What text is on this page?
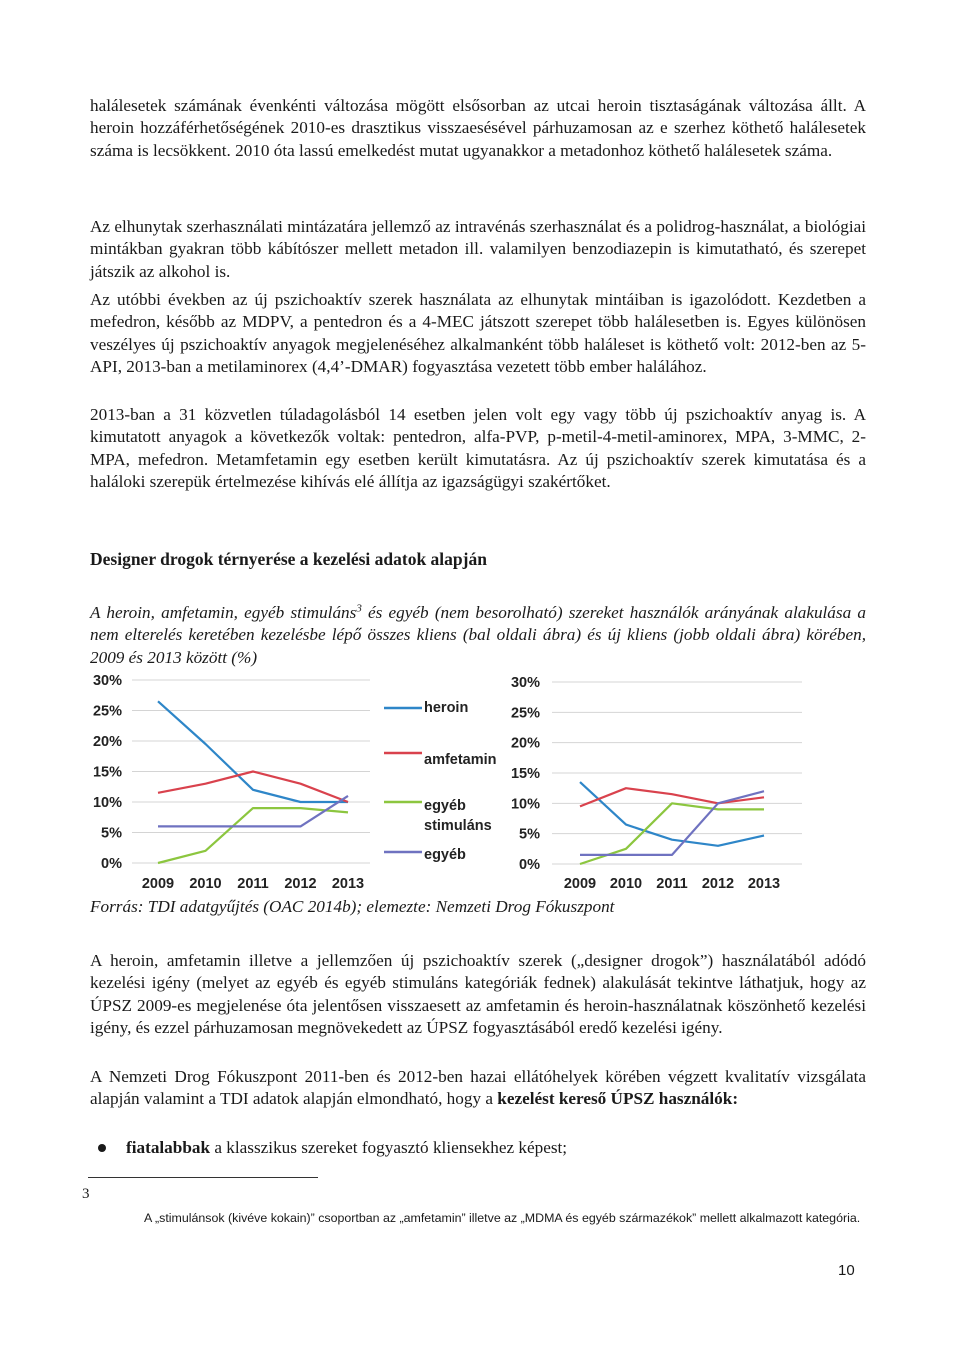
halálesetek számának évenkénti változása mögött elsősorban az utcai heroin tisztaságának változása állt. A heroin hozzáférhetőségének 2010-es drasztikus visszaesésével párhuzamosan az e szerhez köthető halálesetek száma is lecsökkent. 2010 óta lassú emelkedést mutat ugyanakkor a metadonhoz köthető halálesetek száma.

Az elhunytak szerhasználati mintázatára jellemző az intravénás szerhasználat és a polidrog-használat, a biológiai mintákban gyakran több kábítószer mellett metadon ill. valamilyen benzodiazepin is kimutatható, és szerepet játszik az alkohol is.

Az utóbbi években az új pszichoaktív szerek használata az elhunytak mintáiban is igazolódott. Kezdetben a mefedron, később az MDPV, a pentedron és a 4-MEC játszott szerepet több halálesetben is. Egyes különösen veszélyes új pszichoaktív anyagok megjelenéséhez alkalmanként több haláleset is köthető volt: 2012-ben az 5-API, 2013-ban a metilaminorex (4,4’-DMAR) fogyasztása vezetett több ember halálához.

2013-ban a 31 közvetlen túladagolásból 14 esetben jelen volt egy vagy több új pszichoaktív anyag is. A kimutatott anyagok a következők voltak: pentedron, alfa-PVP, p-metil-4-metil-aminorex, MPA, 3-MMC, 2-MPA, mefedron. Metamfetamin egy esetben került kimutatásra. Az új pszichoaktív szerek kimutatása és a haláloki szerepük értelmezése kihívás elé állítja az igazságügyi szakértőket.

Designer drogok térnyerése a kezelési adatok alapján

A heroin, amfetamin, egyéb stimuláns$^3$ és egyéb (nem besorolható) szereket használók arányának alakulása a nem elterelés keretében kezelésbe lépő összes kliens (bal oldali ábra) és új kliens (jobb oldali ábra) körében, 2009 és 2013 között (%)

0%
5%
10%
15%
20%
25%
30%
2009 2010 2011 2012 2013
heroin
amfetamin
egyéb
stimuláns
egyéb
0%
5%
10%
15%
20%
25%
30%
2009 2010 2011 2012 2013

Forrás: TDI adatgyűjtés (OAC 2014b); elemezte: Nemzeti Drog Fókuszpont

A heroin, amfetamin illetve a jellemzően új pszichoaktív szerek („designer drogok”) használatából adódó kezelési igény (melyet az egyéb és egyéb stimuláns kategóriák fednek) alakulását tekintve láthatjuk, hogy az ÚPSZ 2009-es megjelenése óta jelentősen visszaesett az amfetamin és heroin-használatnak köszönhető kezelési igény, és ezzel párhuzamosan megnövekedett az ÚPSZ fogyasztásából eredő kezelési igény.

A Nemzeti Drog Fókuszpont 2011-ben és 2012-ben hazai ellátóhelyek körében végzett kvalitatív vizsgálata alapján valamint a TDI adatok alapján elmondható, hogy a kezelést kereső ÚPSZ használók:

fiatalabbak a klasszikus szereket fogyasztó kliensekhez képest;
3

A „stimulánsok (kivéve kokain)” csoportban az „amfetamin” illetve az „MDMA és egyéb származékok” mellett alkalmazott kategória.

10
